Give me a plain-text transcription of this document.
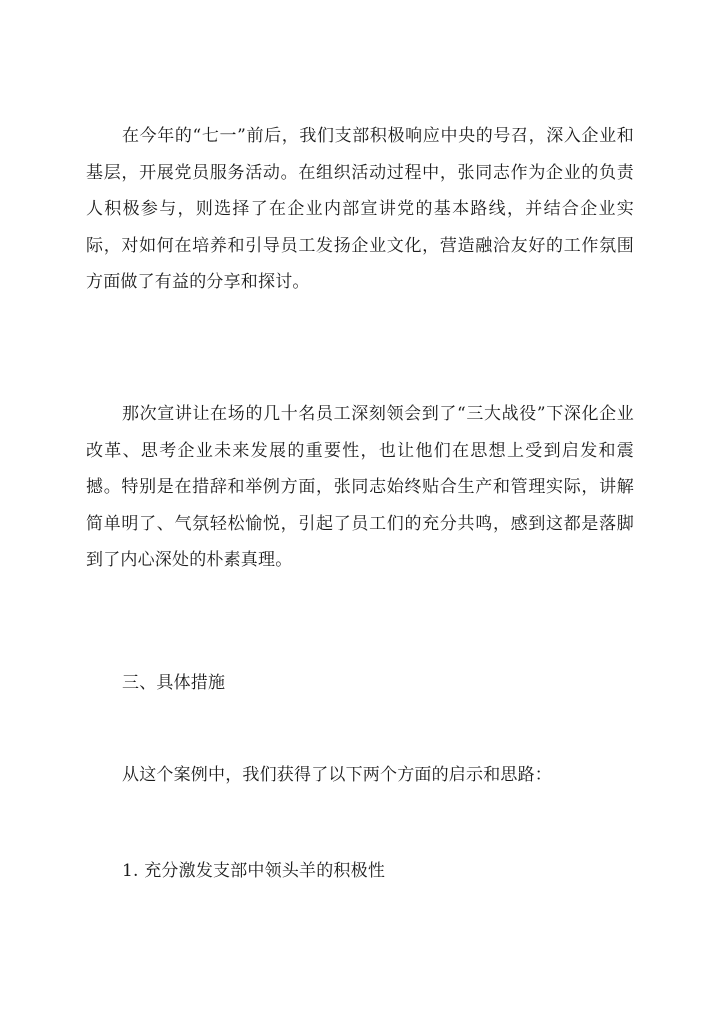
在今年的“七一”前后，我们支部积极响应中央的号召，深入企业和基层，开展党员服务活动。在组织活动过程中，张同志作为企业的负责人积极参与，则选择了在企业内部宣讲党的基本路线，并结合企业实际，对如何在培养和引导员工发扬企业文化，营造融洽友好的工作氛围方面做了有益的分享和探讨。

那次宣讲让在场的几十名员工深刻领会到了“三大战役”下深化企业改革、思考企业未来发展的重要性，也让他们在思想上受到启发和震撼。特别是在措辞和举例方面，张同志始终贴合生产和管理实际，讲解简单明了、气氛轻松愉悦，引起了员工们的充分共鸣，感到这都是落脚到了内心深处的朴素真理。

三、具体措施

从这个案例中，我们获得了以下两个方面的启示和思路：

1. 充分激发支部中领头羊的积极性
